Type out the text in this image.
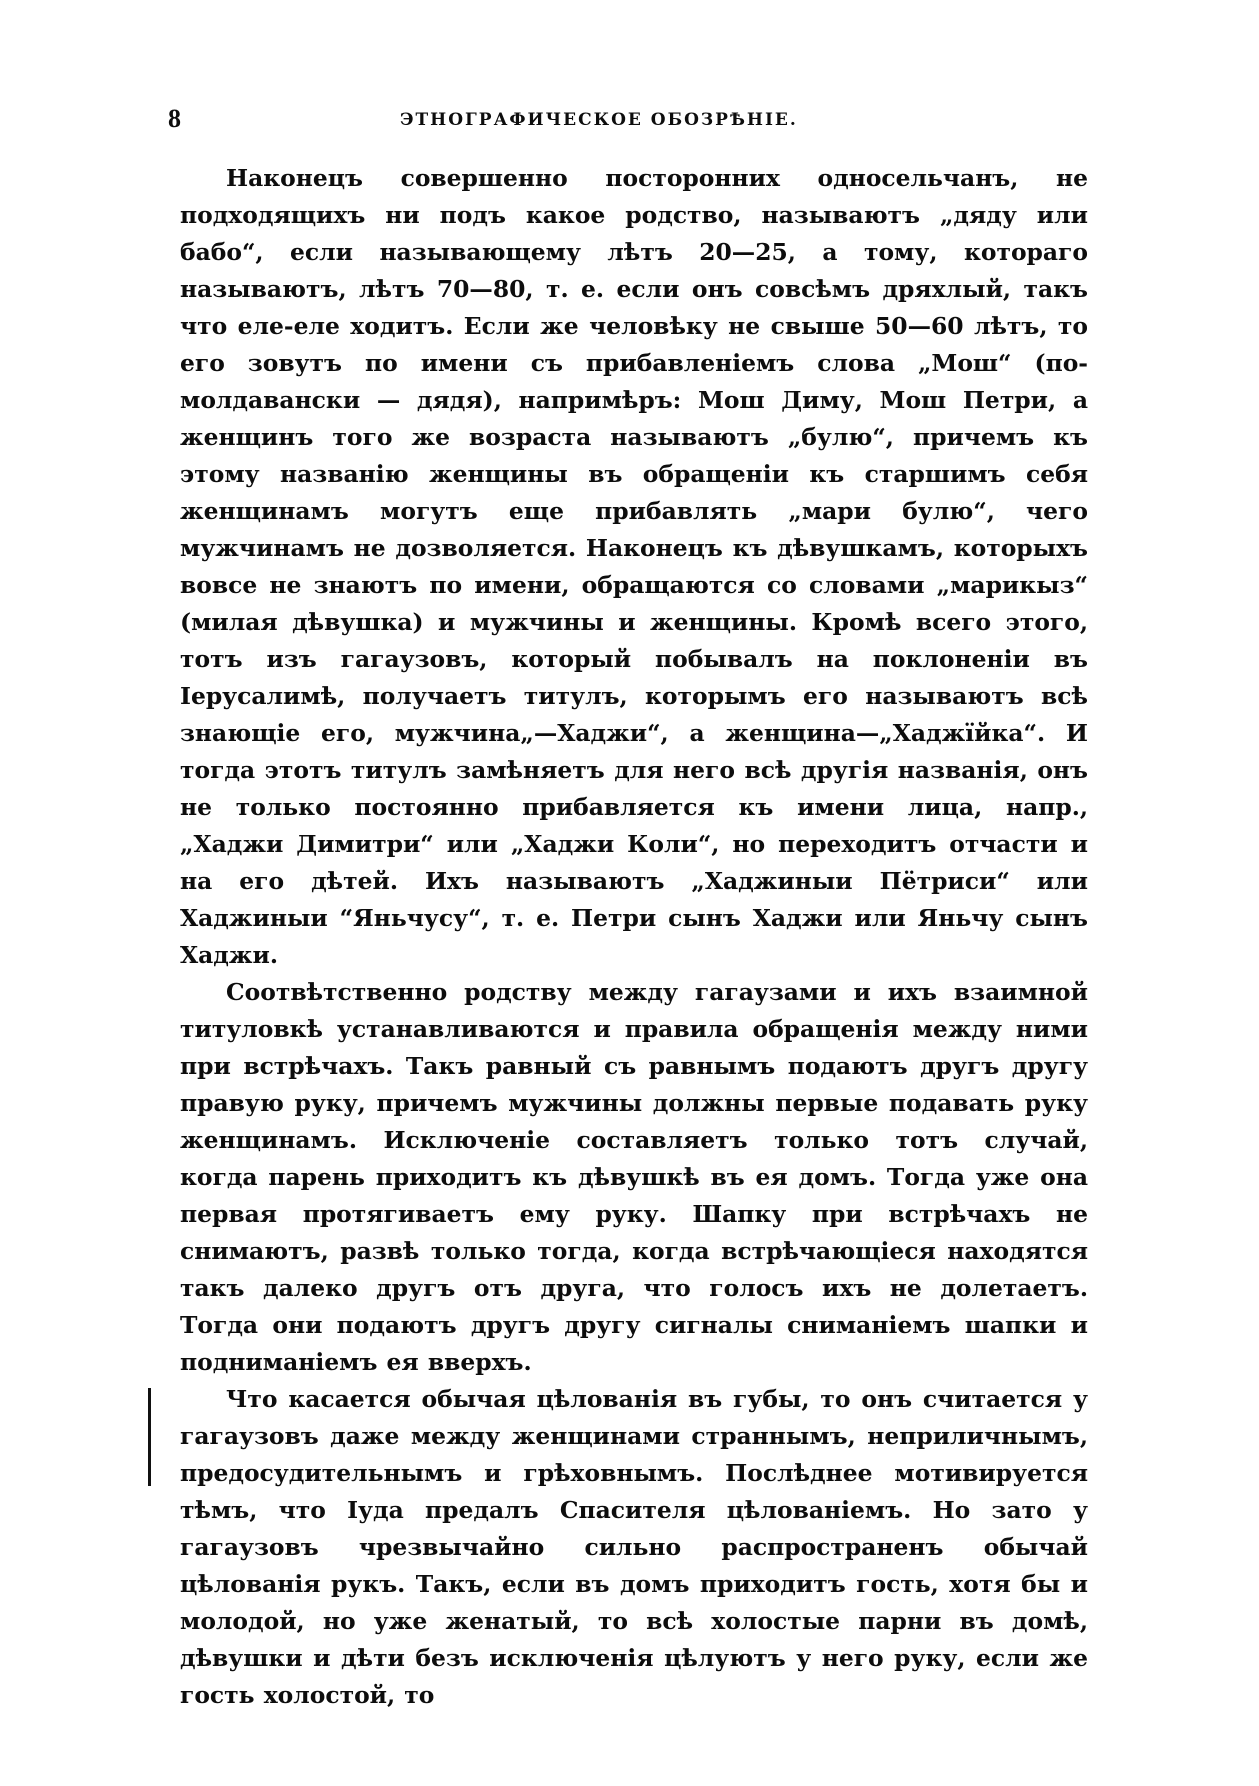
8	ЭТНОГРАФИЧЕСКОЕ ОБОЗРѢНІЕ.

Наконецъ совершенно посторонних односельчанъ, не подходящихъ ни подъ какое родство, называютъ „дяду или бабо“, если называющему лѣтъ 20—25, а тому, котораго называютъ, лѣтъ 70—80, т. е. если онъ совсѣмъ дряхлый, такъ что еле-еле ходитъ. Если же человѣку не свыше 50—60 лѣтъ, то его зовутъ по имени съ прибавленіемъ слова „Мош“ (по-молдавански — дядя), напримѣръ: Мош Диму, Мош Петри, а женщинъ того же возраста называютъ „булю“, причемъ къ этому названію женщины въ обращеніи къ старшимъ себя женщинамъ могутъ еще прибавлять „мари булю“, чего мужчинамъ не дозволяется. Наконецъ къ дѣвушкамъ, которыхъ вовсе не знаютъ по имени, обращаются со словами „марикыз“ (милая дѣвушка) и мужчины и женщины. Кромѣ всего этого, тотъ изъ гагаузовъ, который побывалъ на поклоненіи въ Іерусалимѣ, получаетъ титулъ, которымъ его называютъ всѣ знающіе его, мужчина„—Хаджи“, а женщина—„Хаджїйка“. И тогда этотъ титулъ замѣняетъ для него всѣ другія названія, онъ не только постоянно прибавляется къ имени лица, напр., „Хаджи Димитри“ или „Хаджи Коли“, но переходитъ отчасти и на его дѣтей. Ихъ называютъ „Хаджиныи Пётриси“ или Хаджиныи “Яньчусу“, т. е. Петри сынъ Хаджи или Яньчу сынъ Хаджи.

Соотвѣтственно родству между гагаузами и ихъ взаимной титуловкѣ устанавливаются и правила обращенія между ними при встрѣчахъ. Такъ равный съ равнымъ подаютъ другъ другу правую руку, причемъ мужчины должны первые подавать руку женщинамъ. Исключеніе составляетъ только тотъ случай, когда парень приходитъ къ дѣвушкѣ въ ея домъ. Тогда уже она первая протягиваетъ ему руку. Шапку при встрѣчахъ не снимаютъ, развѣ только тогда, когда встрѣчающіеся находятся такъ далеко другъ отъ друга, что голосъ ихъ не долетаетъ. Тогда они подаютъ другъ другу сигналы сниманіемъ шапки и подниманіемъ ея вверхъ.

Что касается обычая цѣлованія въ губы, то онъ считается у гагаузовъ даже между женщинами страннымъ, неприличнымъ, предосудительнымъ и грѣховнымъ. Послѣднее мотивируется тѣмъ, что Іуда предалъ Спасителя цѣлованіемъ. Но зато у гагаузовъ чрезвычайно сильно распространенъ обычай цѣлованія рукъ. Такъ, если въ домъ приходитъ гость, хотя бы и молодой, но уже женатый, то всѣ холостые парни въ домѣ, дѣвушки и дѣти безъ исключенія цѣлуютъ у него руку, если же гость холостой, то
